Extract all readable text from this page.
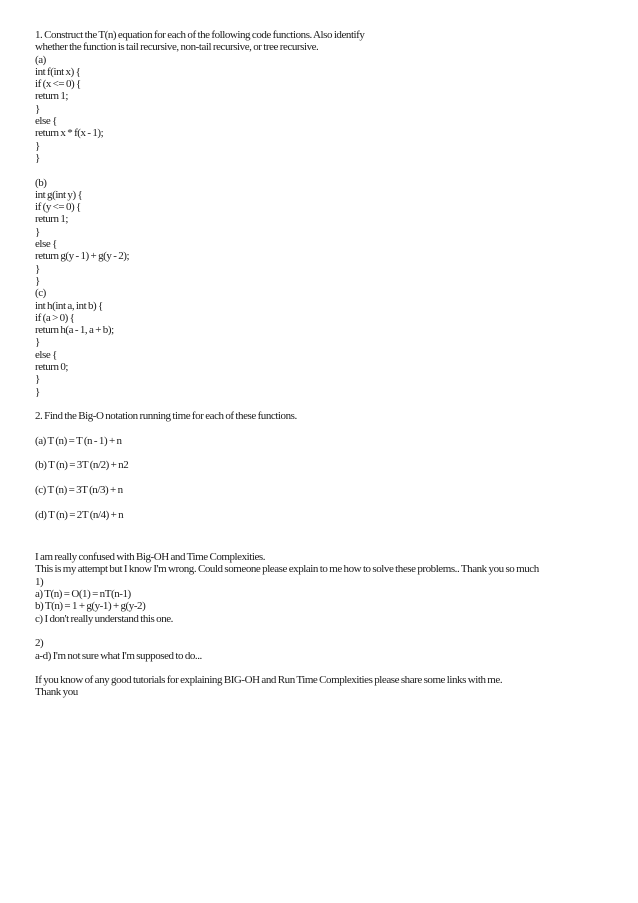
1. Construct the T(n) equation for each of the following code functions. Also identify
whether the function is tail recursive, non-tail recursive, or tree recursive.
(a)
int f(int x) {
if (x <= 0) {
return 1;
}
else {
return x * f(x - 1);
}
}
(b)
int g(int y) {
if (y <= 0) {
return 1;
}
else {
return g(y - 1) + g(y - 2);
}
}
(c)
int h(int a, int b) {
if (a > 0) {
return h(a - 1, a + b);
}
else {
return 0;
}
}
2. Find the Big-O notation running time for each of these functions.
(a) T (n) = T (n - 1) + n
(b) T (n) = 3T (n/2) + n2
(c) T (n) = 3T (n/3) + n
(d) T (n) = 2T (n/4) + n
I am really confused with Big-OH and Time Complexities.
This is my attempt but I know I'm wrong. Could someone please explain to me how to solve these problems.. Thank you so much
1)
a) T(n) = O(1) = nT(n-1)
b) T(n) = 1 + g(y-1) + g(y-2)
c) I don't really understand this one.
2)
a-d) I'm not sure what I'm supposed to do...
If you know of any good tutorials for explaining BIG-OH and Run Time Complexities please share some links with me.
Thank you
